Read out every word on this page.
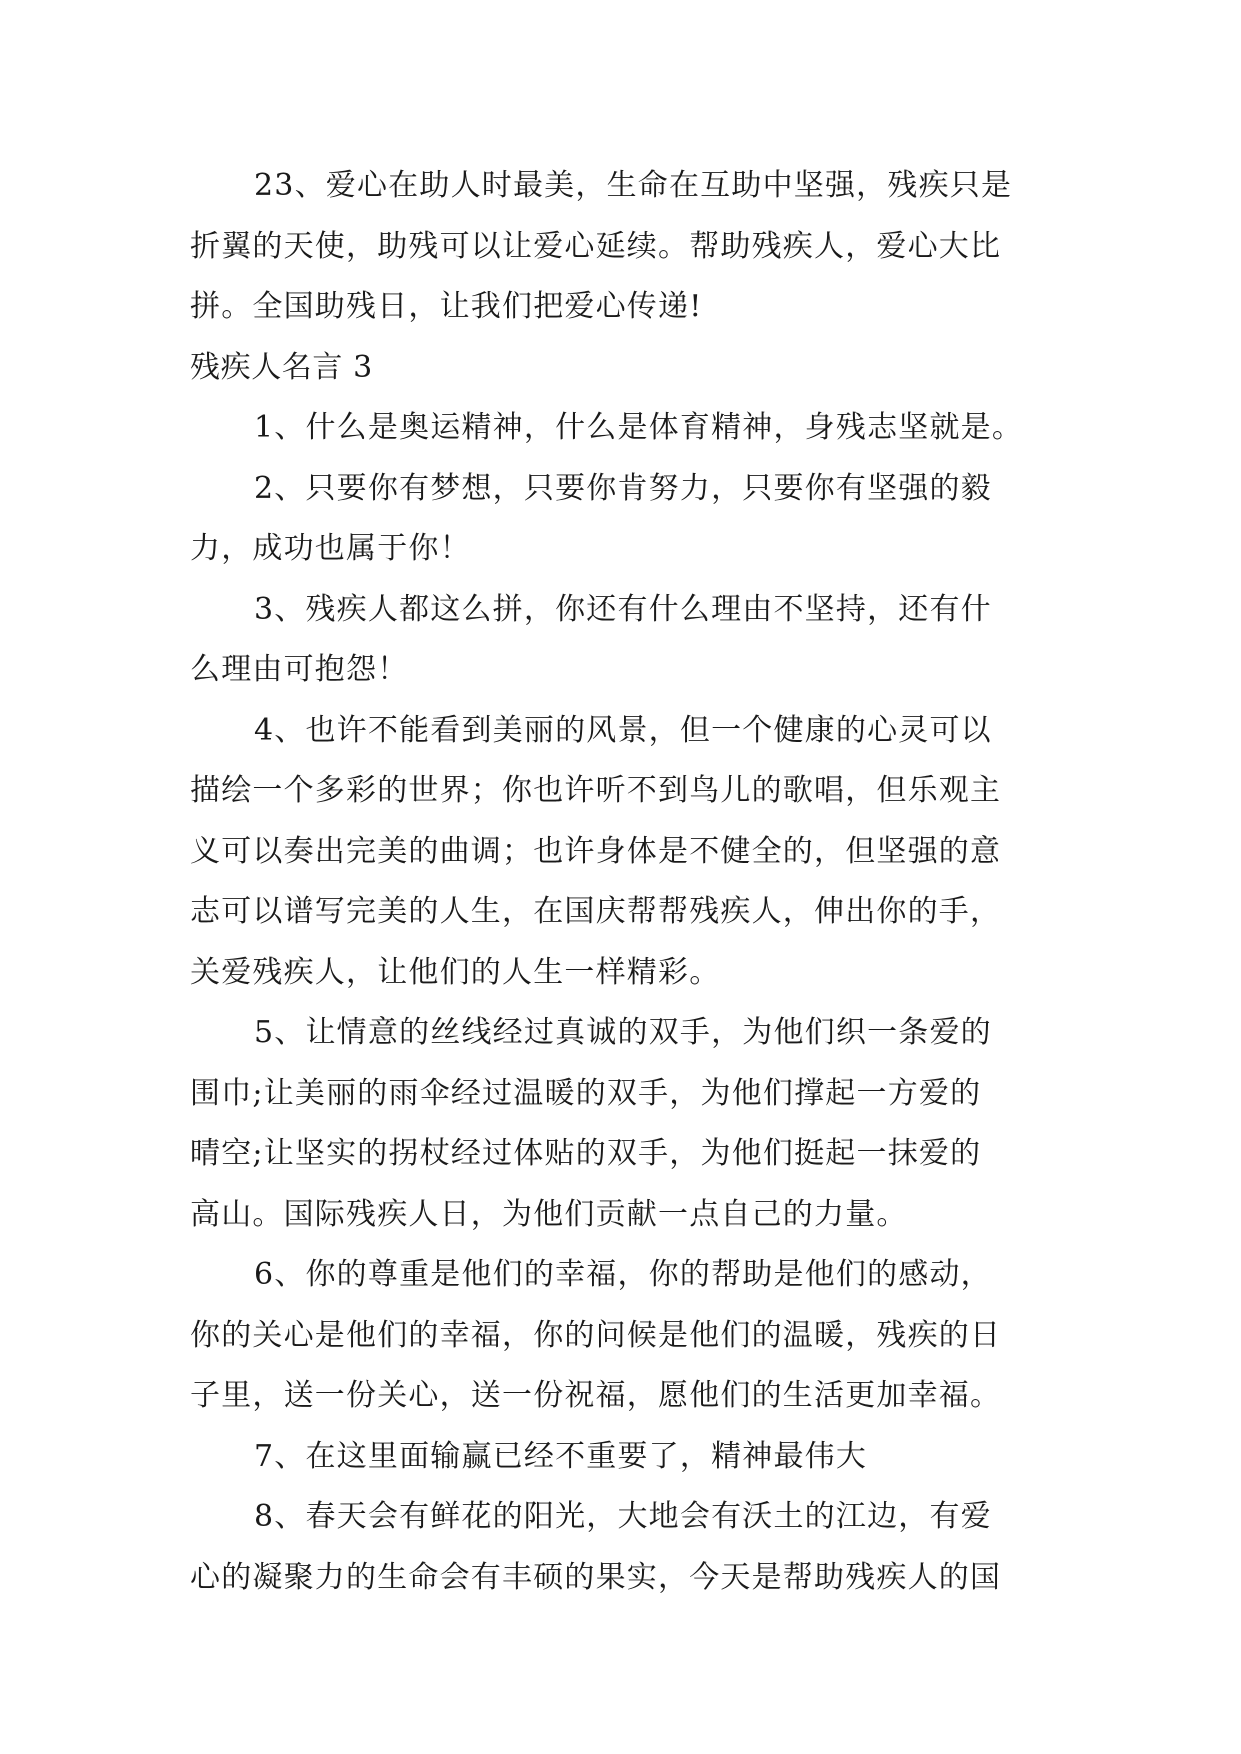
23、爱心在助人时最美，生命在互助中坚强，残疾只是
折翼的天使，助残可以让爱心延续。帮助残疾人，爱心大比
拼。全国助残日，让我们把爱心传递!
残疾人名言 3
1、什么是奥运精神，什么是体育精神，身残志坚就是。
2、只要你有梦想，只要你肯努力，只要你有坚强的毅
力，成功也属于你！
3、残疾人都这么拼，你还有什么理由不坚持，还有什
么理由可抱怨！
4、也许不能看到美丽的风景，但一个健康的心灵可以
描绘一个多彩的世界；你也许听不到鸟儿的歌唱，但乐观主
义可以奏出完美的曲调；也许身体是不健全的，但坚强的意
志可以谱写完美的人生，在国庆帮帮残疾人，伸出你的手，
关爱残疾人，让他们的人生一样精彩。
5、让情意的丝线经过真诚的双手，为他们织一条爱的
围巾;让美丽的雨伞经过温暖的双手，为他们撑起一方爱的
晴空;让坚实的拐杖经过体贴的双手，为他们挺起一抹爱的
高山。国际残疾人日，为他们贡献一点自己的力量。
6、你的尊重是他们的幸福，你的帮助是他们的感动，
你的关心是他们的幸福，你的问候是他们的温暖，残疾的日
子里，送一份关心，送一份祝福，愿他们的生活更加幸福。
7、在这里面输赢已经不重要了，精神最伟大
8、春天会有鲜花的阳光，大地会有沃土的江边，有爱
心的凝聚力的生命会有丰硕的果实，今天是帮助残疾人的国
